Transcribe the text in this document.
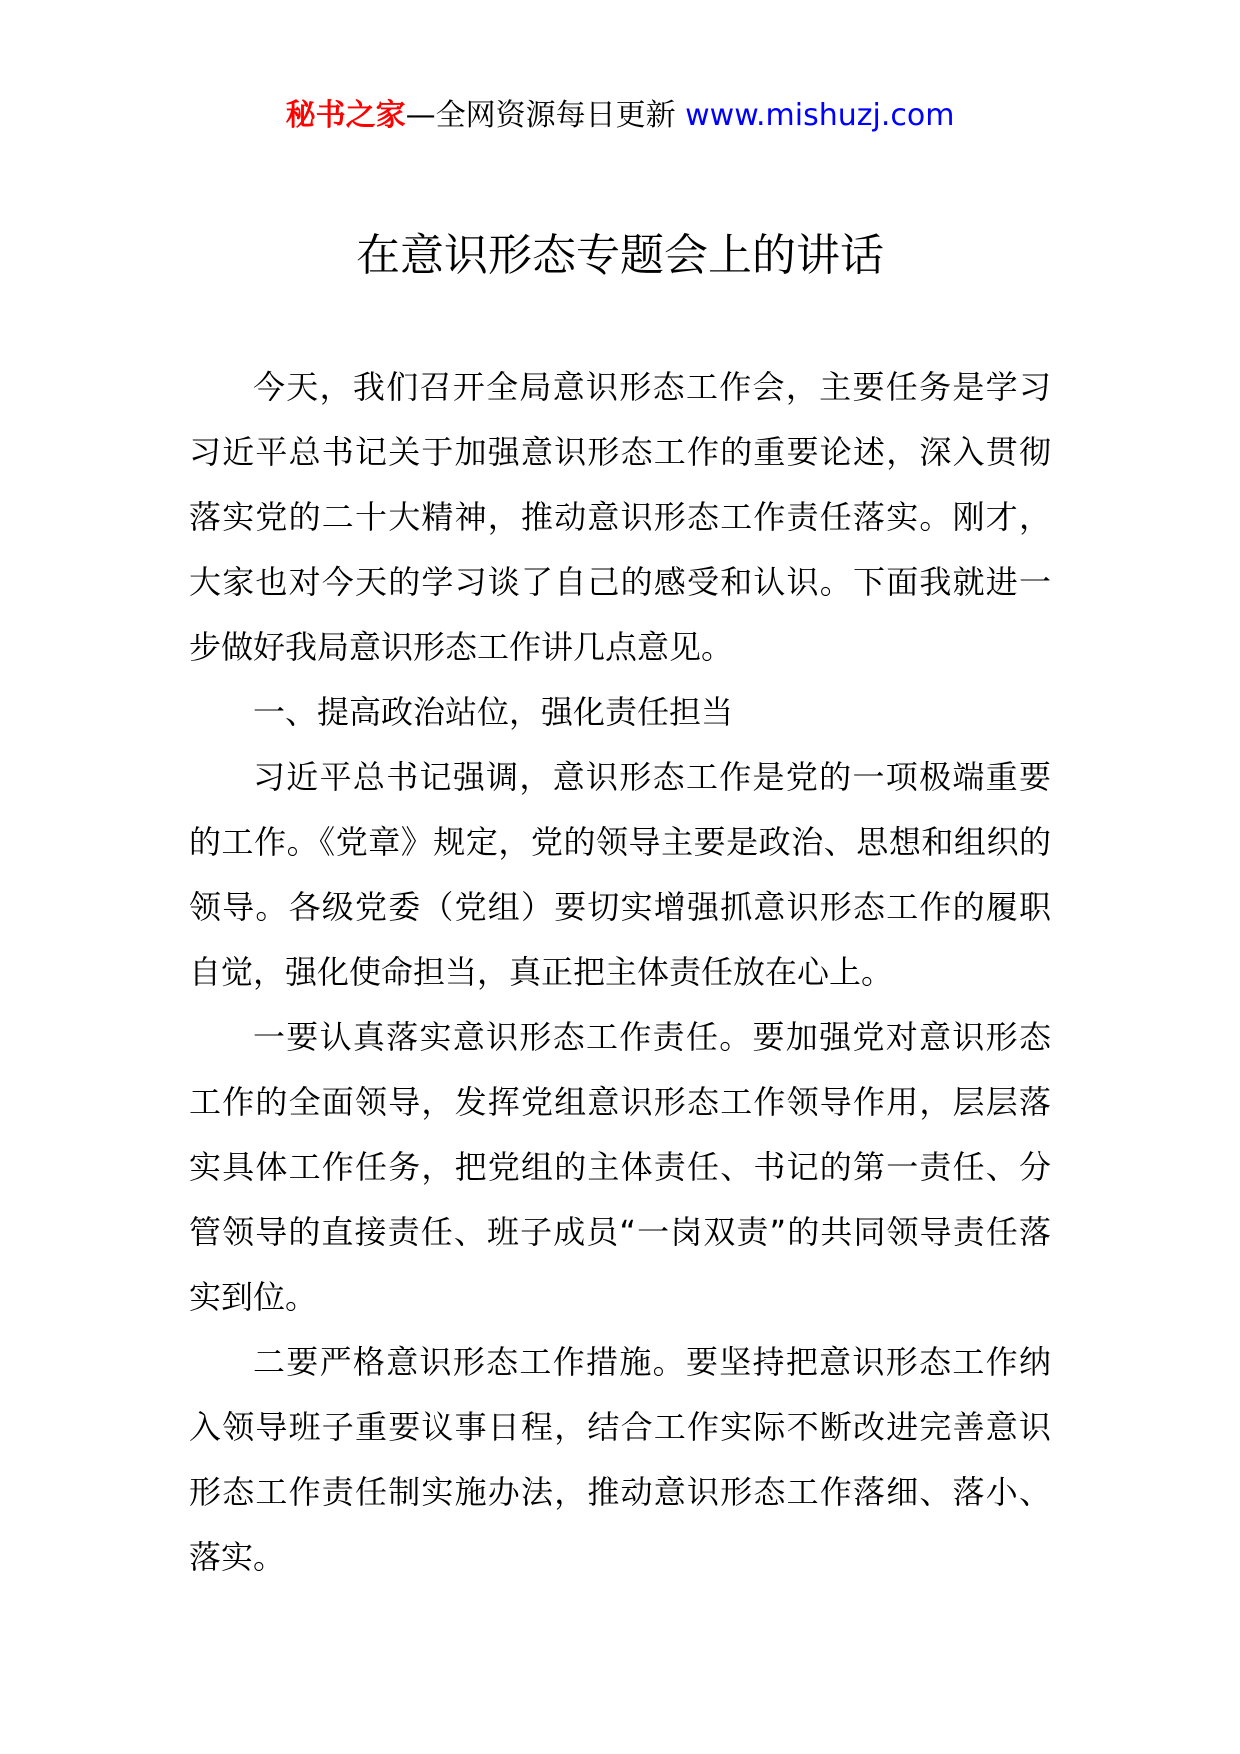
秘书之家—全网资源每日更新 www.mishuzj.com
在意识形态专题会上的讲话

今天，我们召开全局意识形态工作会，主要任务是学习习近平总书记关于加强意识形态工作的重要论述，深入贯彻落实党的二十大精神，推动意识形态工作责任落实。刚才，大家也对今天的学习谈了自己的感受和认识。下面我就进一步做好我局意识形态工作讲几点意见。

一、提高政治站位，强化责任担当

习近平总书记强调，意识形态工作是党的一项极端重要的工作。《党章》规定，党的领导主要是政治、思想和组织的领导。各级党委（党组）要切实增强抓意识形态工作的履职自觉，强化使命担当，真正把主体责任放在心上。

一要认真落实意识形态工作责任。要加强党对意识形态工作的全面领导，发挥党组意识形态工作领导作用，层层落实具体工作任务，把党组的主体责任、书记的第一责任、分管领导的直接责任、班子成员“一岗双责”的共同领导责任落实到位。

二要严格意识形态工作措施。要坚持把意识形态工作纳入领导班子重要议事日程，结合工作实际不断改进完善意识形态工作责任制实施办法，推动意识形态工作落细、落小、落实。
